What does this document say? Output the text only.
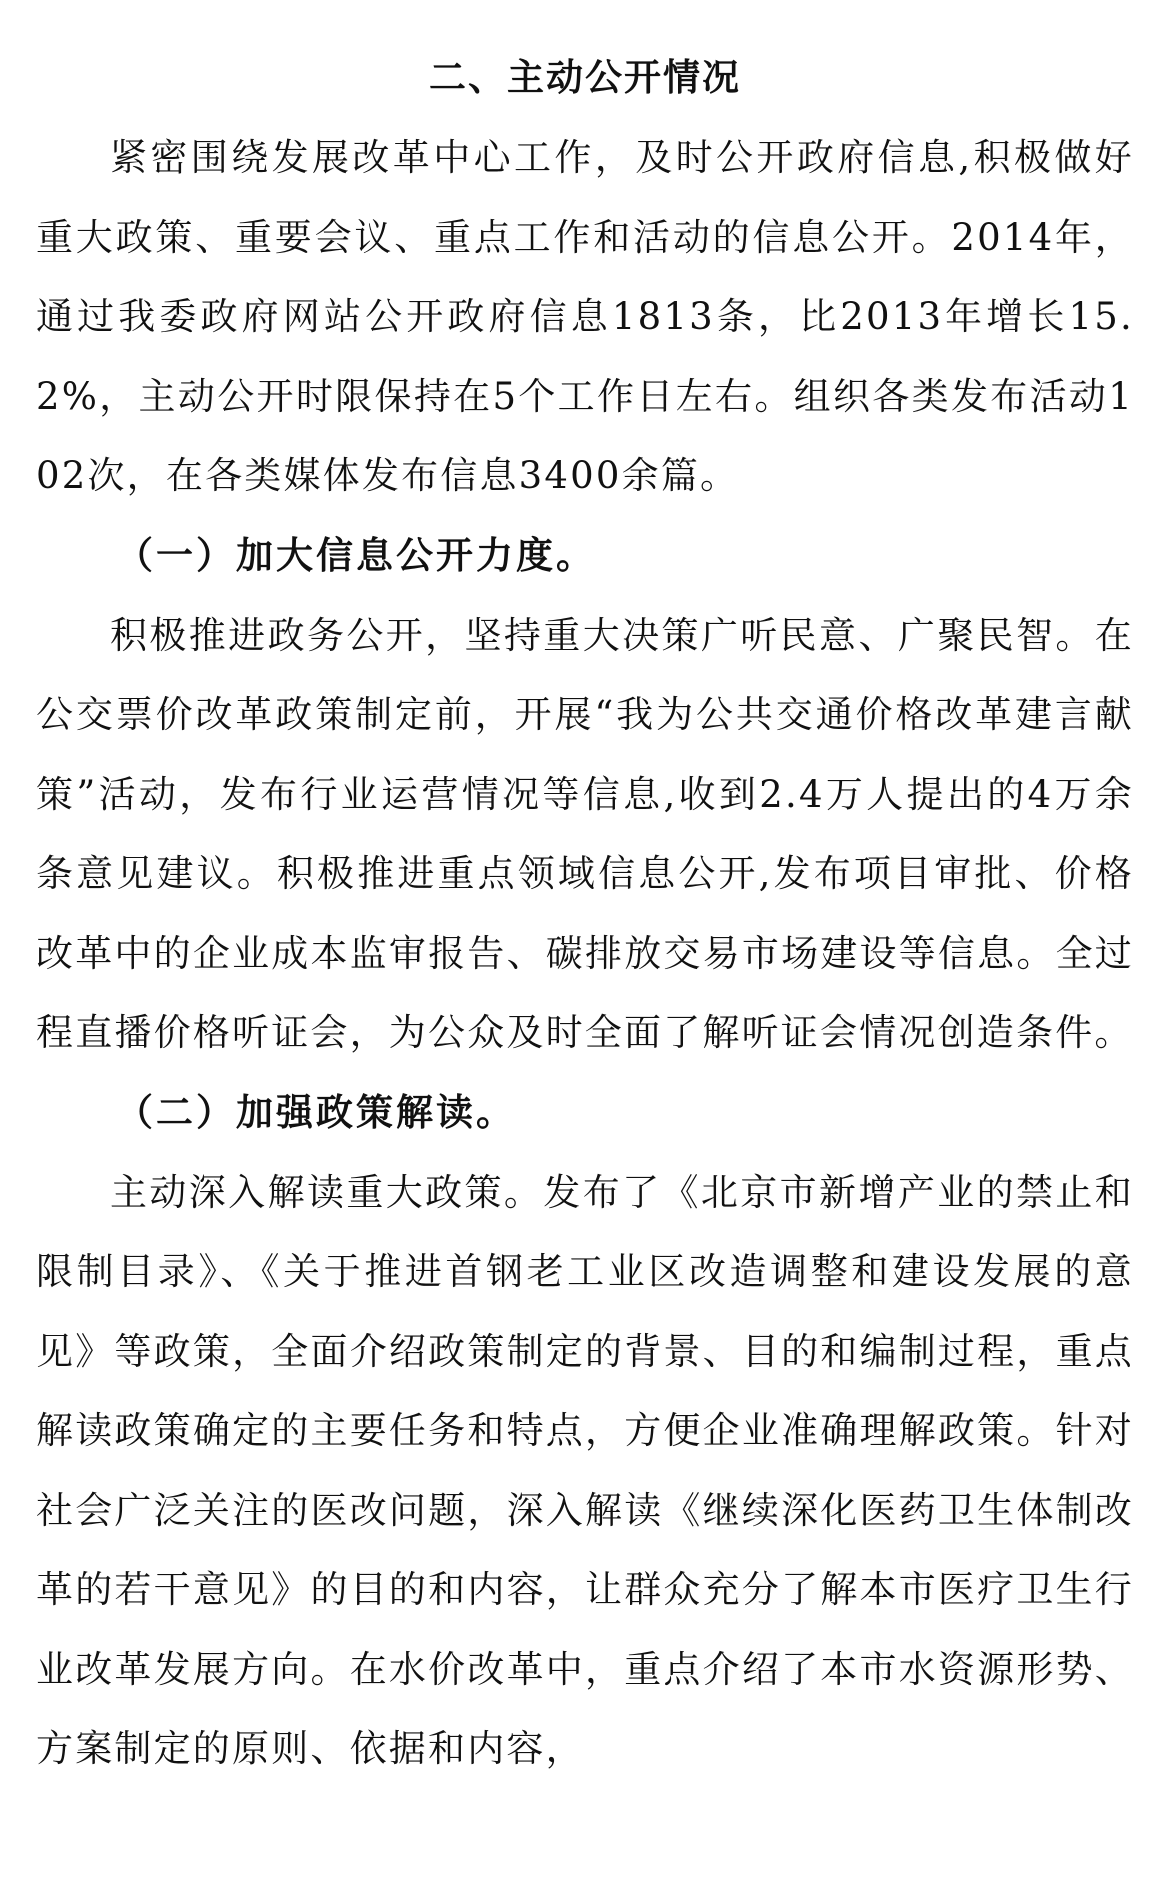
二、主动公开情况

紧密围绕发展改革中心工作，及时公开政府信息,积极做好重大政策、重要会议、重点工作和活动的信息公开。2014年，通过我委政府网站公开政府信息1813条，比2013年增长15.2%，主动公开时限保持在5个工作日左右。组织各类发布活动102次，在各类媒体发布信息3400余篇。

（一）加大信息公开力度。

积极推进政务公开，坚持重大决策广听民意、广聚民智。在公交票价改革政策制定前，开展“我为公共交通价格改革建言献策”活动，发布行业运营情况等信息,收到2.4万人提出的4万余条意见建议。积极推进重点领域信息公开,发布项目审批、价格改革中的企业成本监审报告、碳排放交易市场建设等信息。全过程直播价格听证会，为公众及时全面了解听证会情况创造条件。

（二）加强政策解读。

主动深入解读重大政策。发布了《北京市新增产业的禁止和限制目录》、《关于推进首钢老工业区改造调整和建设发展的意见》等政策，全面介绍政策制定的背景、目的和编制过程，重点解读政策确定的主要任务和特点，方便企业准确理解政策。针对社会广泛关注的医改问题，深入解读《继续深化医药卫生体制改革的若干意见》的目的和内容，让群众充分了解本市医疗卫生行业改革发展方向。在水价改革中，重点介绍了本市水资源形势、方案制定的原则、依据和内容，
